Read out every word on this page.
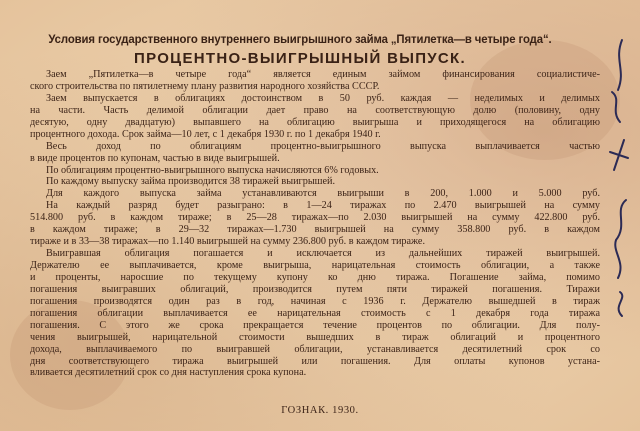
Условия государственного внутреннего выигрышного займа „Пятилетка—в четыре года“.
ПРОЦЕНТНО-ВЫИГРЫШНЫЙ ВЫПУСК.
Заем „Пятилетка—в четыре года“ является единым займом финансирования социалистиче-
ского строительства по пятилетнему плану развития народного хозяйства СССР.
Заем выпускается в облигациях достоинством в 50 руб. каждая — неделимых и делимых
на части. Часть делимой облигации дает право на соответствующую долю (половину, одну
десятую, одну двадцатую) выпавшего на облигацию выигрыша и приходящегося на облигацию
процентного дохода. Срок займа—10 лет, с 1 декабря 1930 г. по 1 декабря 1940 г.
Весь доход по облигациям процентно-выигрышного выпуска выплачивается частью
в виде процентов по купонам, частью в виде выигрышей.
По облигациям процентно-выигрышного выпуска начисляются 6% годовых.
По каждому выпуску займа производится 38 тиражей выигрышей.
Для каждого выпуска займа устанавливаются выигрыши в 200, 1.000 и 5.000 руб.
На каждый разряд будет разыграно: в 1—24 тиражах по 2.470 выигрышей на сумму
514.800 руб. в каждом тираже; в 25—28 тиражах—по 2.030 выигрышей на сумму 422.800 руб.
в каждом тираже; в 29—32 тиражах—1.730 выигрышей на сумму 358.800 руб. в каждом
тираже и в 33—38 тиражах—по 1.140 выигрышей на сумму 236.800 руб. в каждом тираже.
Выигравшая облигация погашается и исключается из дальнейших тиражей выигрышей.
Держателю ее выплачивается, кроме выигрыша, нарицательная стоимость облигации, а также
и проценты, наросшие по текущему купону ко дню тиража. Погашение займа, помимо
погашения выигравших облигаций, производится путем пяти тиражей погашения. Тиражи
погашения производятся один раз в год, начиная с 1936 г. Держателю вышедшей в тираж
погашения облигации выплачивается ее нарицательная стоимость с 1 декабря года тиража
погашения. С этого же срока прекращается течение процентов по облигации. Для полу-
чения выигрышей, нарицательной стоимости вышедших в тираж облигаций и процентного
дохода, выплачиваемого по выигравшей облигации, устанавливается десятилетний срок со
дня соответствующего тиража выигрышей или погашения. Для оплаты купонов устана-
вливается десятилетний срок со дня наступления срока купона.
ГОЗНАК. 1930.
